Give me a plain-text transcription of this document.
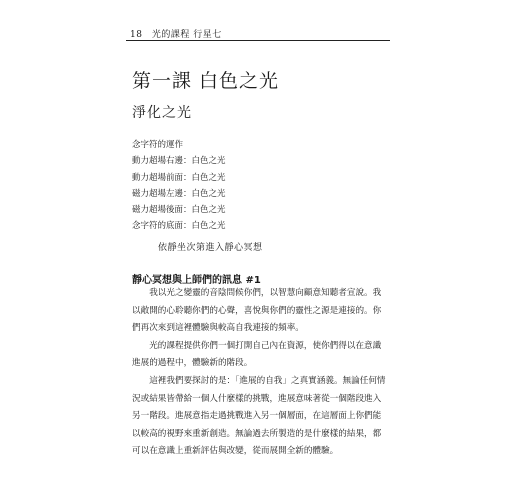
18 光的課程 行星七
第一課 白色之光
淨化之光
念字符的運作
動力超場右邊：白色之光
動力超場前面：白色之光
磁力超場左邊：白色之光
磁力超場後面：白色之光
念字符的底面：白色之光
依靜坐次第進入靜心冥想
靜心冥想與上師們的訊息 #1

我以光之變靈的音陰問候你們，以智慧向顧意知聽者宣說。我以敞開的心聆聽你們的心聲，喜悅與你們的靈性之源是連接的。你們再次來到這裡體驗與較高自我連接的頻率。

光的課程提供你們一個打開自己內在資源，使你們得以在意識進展的過程中，體驗新的階段。

這裡我們要探討的是：「進展的自我」之真實涵義。無論任何情況或結果皆帶給一個人什麼樣的挑戰，進展意味著從一個階段進入另一階段。進展意指走過挑戰進入另一個層面，在這層面上你們能以較高的視野來重新創造。無論過去所製造的是什麼樣的結果，都可以在意識上重新評估與改變，從而展開全新的體驗。
